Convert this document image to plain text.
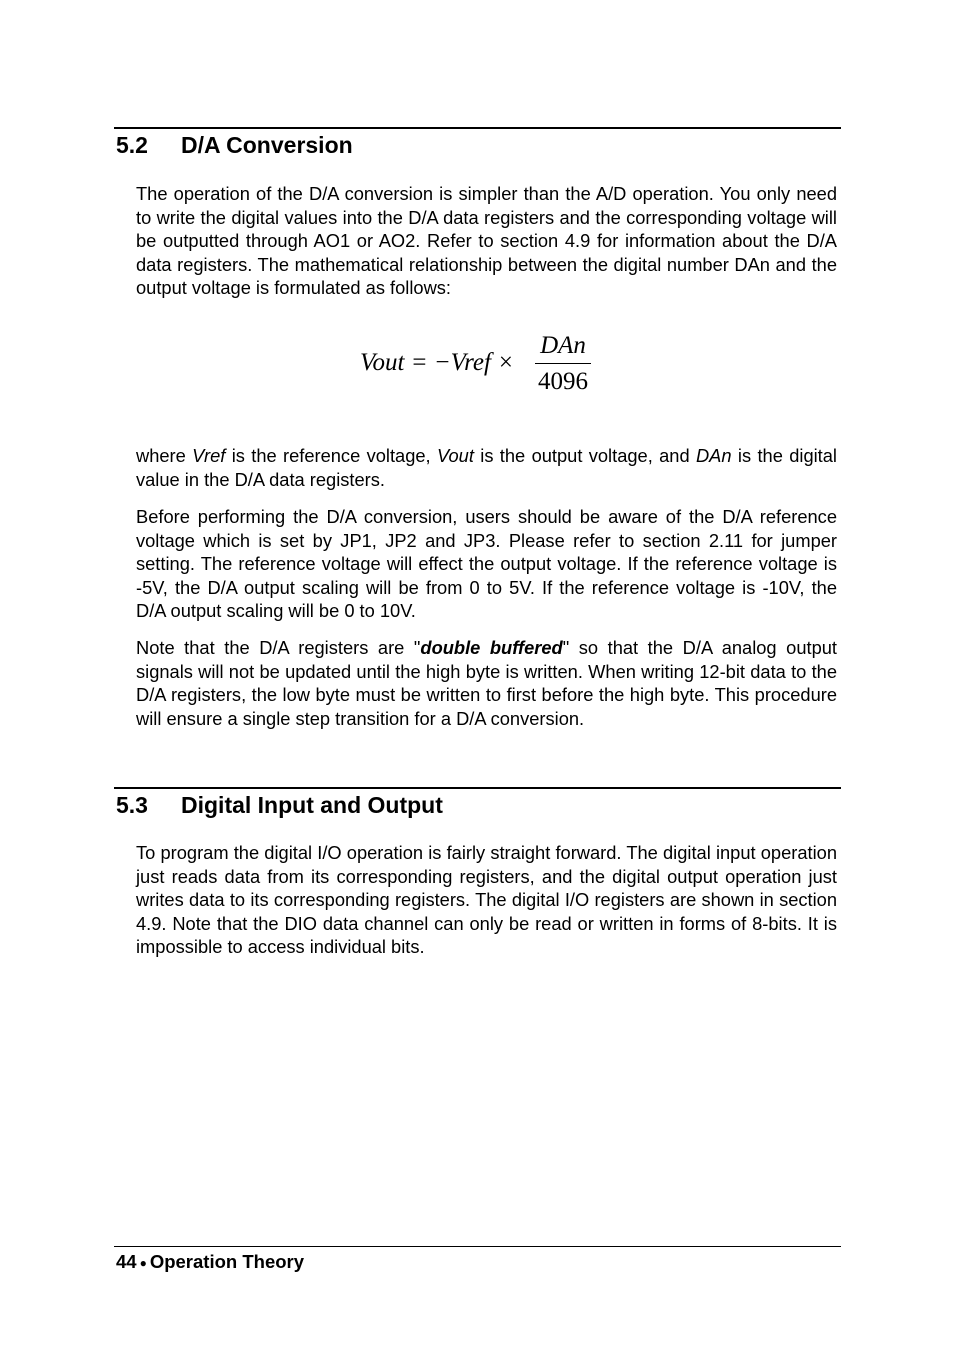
5.2 D/A Conversion

The operation of the D/A conversion is simpler than the A/D operation. You only need to write the digital values into the D/A data registers and the corresponding voltage will be outputted through AO1 or AO2. Refer to section 4.9 for information about the D/A data registers. The mathematical relationship between the digital number DAn and the output voltage is formulated as follows:

Vout = −Vref ×
DAn
4096

where Vref is the reference voltage, Vout is the output voltage, and DAn is the digital value in the D/A data registers.

Before performing the D/A conversion, users should be aware of the D/A reference voltage which is set by JP1, JP2 and JP3. Please refer to section 2.11 for jumper setting. The reference voltage will effect the output voltage. If the reference voltage is -5V, the D/A output scaling will be from 0 to 5V. If the reference voltage is -10V, the D/A output scaling will be 0 to 10V.

Note that the D/A registers are "double buffered" so that the D/A analog output signals will not be updated until the high byte is written. When writing 12-bit data to the D/A registers, the low byte must be written to first before the high byte. This procedure will ensure a single step transition for a D/A conversion.

5.3 Digital Input and Output

To program the digital I/O operation is fairly straight forward. The digital input operation just reads data from its corresponding registers, and the digital output operation just writes data to its corresponding registers. The digital I/O registers are shown in section 4.9. Note that the DIO data channel can only be read or written in forms of 8-bits. It is impossible to access individual bits.

44 ● Operation Theory
